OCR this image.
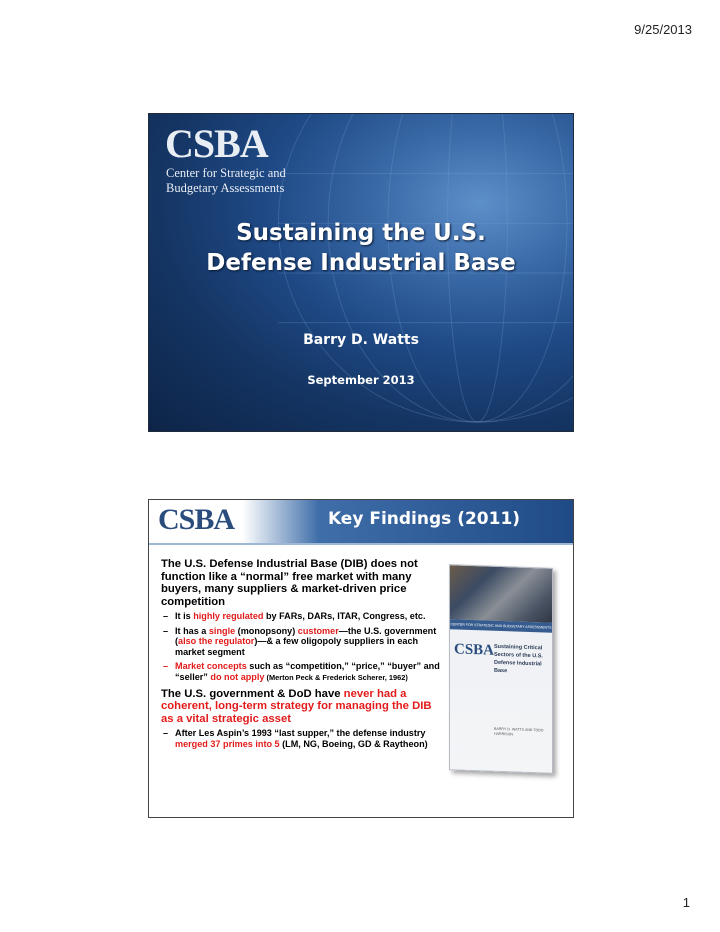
9/25/2013
CSBA
Center for Strategic and
Budgetary Assessments
Sustaining the U.S.
Defense Industrial Base
Barry D. Watts
September 2013
CSBA	Key Findings (2011)

The U.S. Defense Industrial Base (DIB) does not function like a “normal” free market with many buyers, many suppliers & market-driven price competition

– It is highly regulated by FARs, DARs, ITAR, Congress, etc.
– It has a single (monopsony) customer—the U.S. government (also the regulator)—& a few oligopoly suppliers in each market segment
– Market concepts such as “competition,” “price,” “buyer” and “seller” do not apply (Merton Peck & Frederick Scherer, 1962)

The U.S. government & DoD have never had a coherent, long-term strategy for managing the DIB as a vital strategic asset

– After Les Aspin’s 1993 “last supper,” the defense industry merged 37 primes into 5 (LM, NG, Boeing, GD & Raytheon)
CENTER FOR STRATEGIC AND BUDGETARY ASSESSMENTS
CSBA Sustaining Critical Sectors of the U.S. Defense Industrial Base
BARRY D. WATTS AND TODD HARRISON
1
